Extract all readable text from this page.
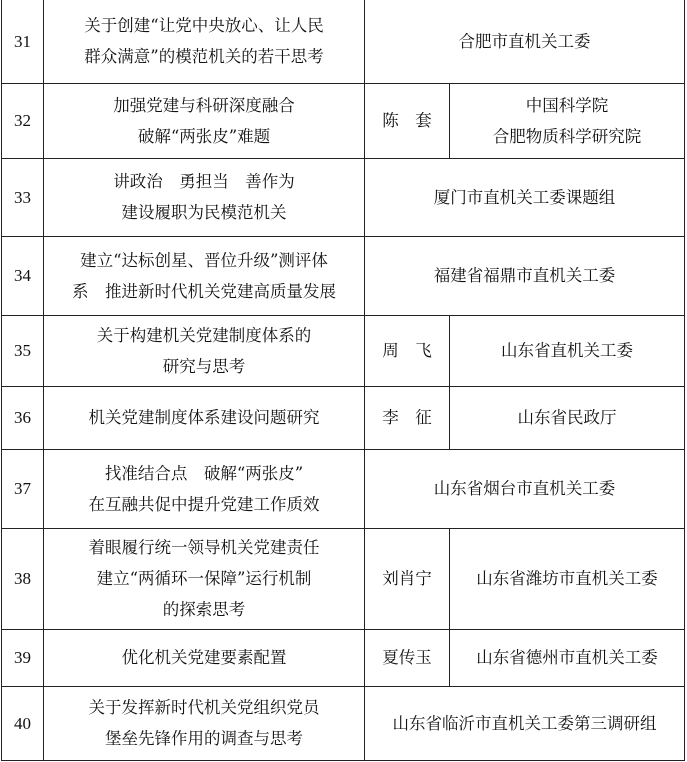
31	关于创建“让党中央放心、让人民
群众满意”的模范机关的若干思考	合肥市直机关工委	

32	加强党建与科研深度融合
破解“两张皮”难题	陈　套	中国科学院
合肥物质科学研究院

33	讲政治　勇担当　善作为
建设履职为民模范机关	厦门市直机关工委课题组	

34	建立“达标创星、晋位升级”测评体
系　推进新时代机关党建高质量发展	福建省福鼎市直机关工委	

35	关于构建机关党建制度体系的
研究与思考	周　飞	山东省直机关工委

36	机关党建制度体系建设问题研究	李　征	山东省民政厅

37	找准结合点　破解“两张皮”
在互融共促中提升党建工作质效	山东省烟台市直机关工委	

38	着眼履行统一领导机关党建责任
建立“两循环一保障”运行机制
的探索思考	刘肖宁	山东省潍坊市直机关工委

39	优化机关党建要素配置	夏传玉	山东省德州市直机关工委

40	关于发挥新时代机关党组织党员
堡垒先锋作用的调查与思考	山东省临沂市直机关工委第三调研组	
